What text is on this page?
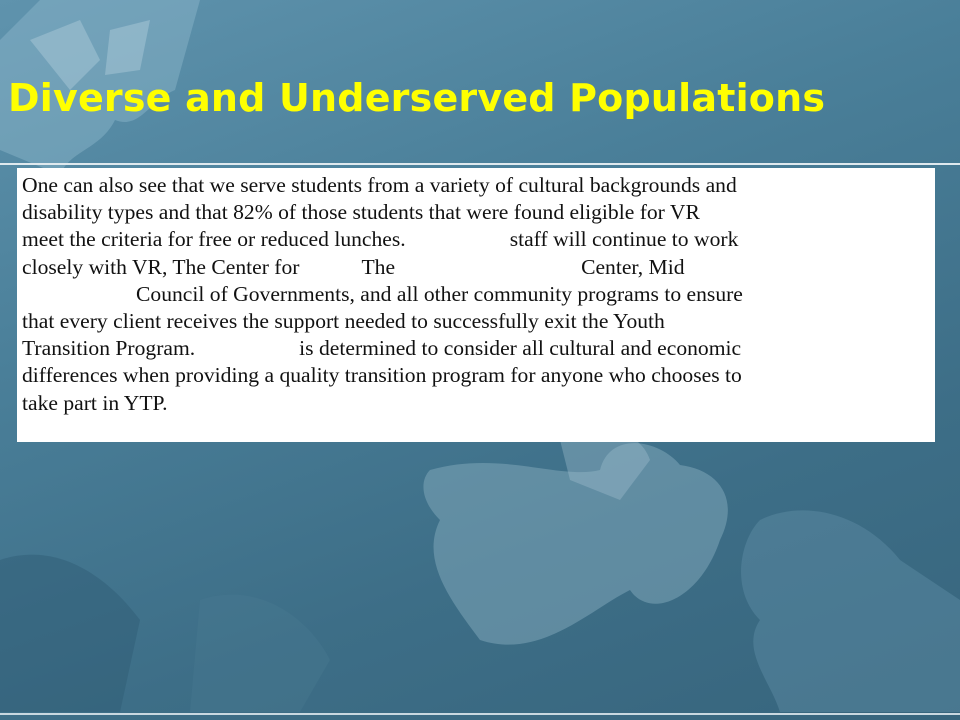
Diverse and Underserved Populations
One can also see that we serve students from a variety of cultural backgrounds and
disability types and that 82% of those students that were found eligible for VR
meet the criteria for free or reduced lunches.	staff will continue to work
closely with VR, The Center for	The	Center, Mid
Council of Governments, and all other community programs to ensure
that every client receives the support needed to successfully exit the Youth
Transition Program.	is determined to consider all cultural and economic
differences when providing a quality transition program for anyone who chooses to
take part in YTP.
